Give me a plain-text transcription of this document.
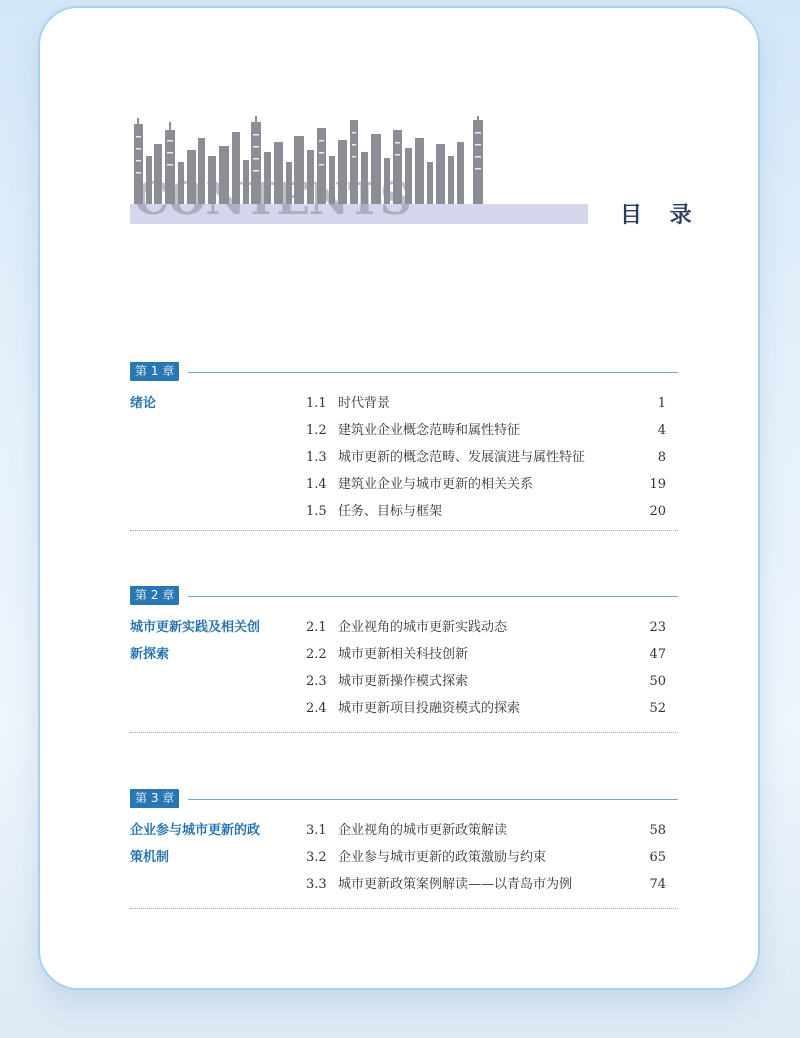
CONTENTS	目 录
第 1 章
绪论	1.1 时代背景	1
1.2 建筑业企业概念范畴和属性特征	4
1.3 城市更新的概念范畴、发展演进与属性特征	8
1.4 建筑业企业与城市更新的相关关系	19
1.5 任务、目标与框架	20
第 2 章
城市更新实践及相关创新探索
2.1 企业视角的城市更新实践动态	23
2.2 城市更新相关科技创新	47
2.3 城市更新操作模式探索	50
2.4 城市更新项目投融资模式的探索	52
第 3 章
企业参与城市更新的政策机制
3.1 企业视角的城市更新政策解读	58
3.2 企业参与城市更新的政策激励与约束	65
3.3 城市更新政策案例解读——以青岛市为例	74
